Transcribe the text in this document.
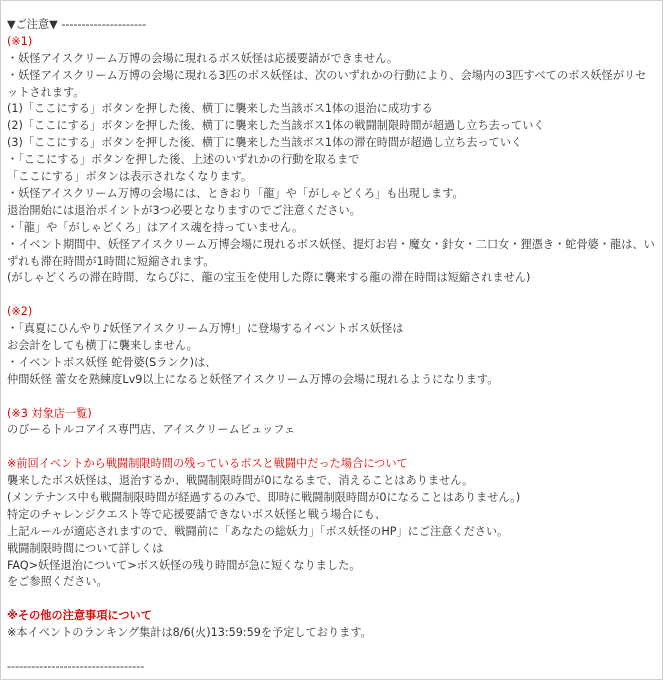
▼ご注意▼ ---------------------
(※1)
・妖怪アイスクリーム万博の会場に現れるボス妖怪は応援要請ができません。
・妖怪アイスクリーム万博の会場に現れる3匹のボス妖怪は、次のいずれかの行動により、会場内の3匹すべてのボス妖怪がリセットされます。
(1)「ここにする」ボタンを押した後、横丁に襲来した当該ボス1体の退治に成功する
(2)「ここにする」ボタンを押した後、横丁に襲来した当該ボス1体の戦闘制限時間が超過し立ち去っていく
(3)「ここにする」ボタンを押した後、横丁に襲来した当該ボス1体の滞在時間が超過し立ち去っていく
・「ここにする」ボタンを押した後、上述のいずれかの行動を取るまで
「ここにする」ボタンは表示されなくなります。
・妖怪アイスクリーム万博の会場には、ときおり「龍」や「がしゃどくろ」も出現します。
退治開始には退治ポイントが3つ必要となりますのでご注意ください。
・「龍」や「がしゃどくろ」はアイス魂を持っていません。
・イベント期間中、妖怪アイスクリーム万博会場に現れるボス妖怪、提灯お岩・魔女・針女・二口女・狸憑き・蛇骨婆・龍は、いずれも滞在時間が1時間に短縮されます。
(がしゃどくろの滞在時間、ならびに、龍の宝玉を使用した際に襲来する龍の滞在時間は短縮されません)
(※2)
・「真夏にひんやり♪妖怪アイスクリーム万博!」に登場するイベントボス妖怪は
お会計をしても横丁に襲来しません。
・イベントボス妖怪 蛇骨婆(Sランク)は、
仲間妖怪 蕾女を熟練度Lv9以上になると妖怪アイスクリーム万博の会場に現れるようになります。
(※3 対象店一覧)
のびーるトルコアイス専門店、アイスクリームビュッフェ
※前回イベントから戦闘制限時間の残っているボスと戦闘中だった場合について
襲来したボス妖怪は、退治するか、戦闘制限時間が0になるまで、消えることはありません。
(メンテナンス中も戦闘制限時間が経過するのみで、即時に戦闘制限時間が0になることはありません。)
特定のチャレンジクエスト等で応援要請できないボス妖怪と戦う場合にも、
上記ルールが適応されますので、戦闘前に「あなたの総妖力」「ボス妖怪のHP」にご注意ください。
戦闘制限時間について詳しくは
FAQ>妖怪退治について>ボス妖怪の残り時間が急に短くなりました。
をご参照ください。
※その他の注意事項について
※本イベントのランキング集計は8/6(火)13:59:59を予定しております。
----------------------------------
